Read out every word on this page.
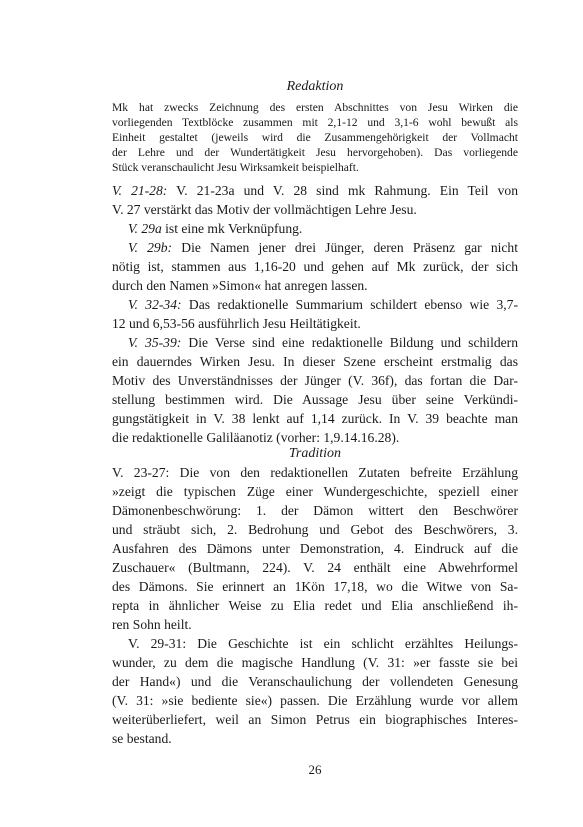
Redaktion
Mk hat zwecks Zeichnung des ersten Abschnittes von Jesu Wirken die
vorliegenden Textblöcke zusammen mit 2,1-12 und 3,1-6 wohl bewußt als
Einheit gestaltet (jeweils wird die Zusammengehörigkeit der Vollmacht
der Lehre und der Wundertätigkeit Jesu hervorgehoben). Das vorliegende
Stück veranschaulicht Jesu Wirksamkeit beispielhaft.
V. 21-28: V. 21-23a und V. 28 sind mk Rahmung. Ein Teil von
V. 27 verstärkt das Motiv der vollmächtigen Lehre Jesu.
V. 29a ist eine mk Verknüpfung.
V. 29b: Die Namen jener drei Jünger, deren Präsenz gar nicht
nötig ist, stammen aus 1,16-20 und gehen auf Mk zurück, der sich
durch den Namen »Simon« hat anregen lassen.
V. 32-34: Das redaktionelle Summarium schildert ebenso wie 3,7-
12 und 6,53-56 ausführlich Jesu Heiltätigkeit.
V. 35-39: Die Verse sind eine redaktionelle Bildung und schildern
ein dauerndes Wirken Jesu. In dieser Szene erscheint erstmalig das
Motiv des Unverständnisses der Jünger (V. 36f), das fortan die Dar-
stellung bestimmen wird. Die Aussage Jesu über seine Verkündi-
gungstätigkeit in V. 38 lenkt auf 1,14 zurück. In V. 39 beachte man
die redaktionelle Galiläanotiz (vorher: 1,9.14.16.28).
Tradition
V. 23-27: Die von den redaktionellen Zutaten befreite Erzählung
»zeigt die typischen Züge einer Wundergeschichte, speziell einer
Dämonenbeschwörung: 1. der Dämon wittert den Beschwörer
und sträubt sich, 2. Bedrohung und Gebot des Beschwörers, 3.
Ausfahren des Dämons unter Demonstration, 4. Eindruck auf die
Zuschauer« (Bultmann, 224). V. 24 enthält eine Abwehrformel
des Dämons. Sie erinnert an 1Kön 17,18, wo die Witwe von Sa-
repta in ähnlicher Weise zu Elia redet und Elia anschließend ih-
ren Sohn heilt.
V. 29-31: Die Geschichte ist ein schlicht erzähltes Heilungs-
wunder, zu dem die magische Handlung (V. 31: »er fasste sie bei
der Hand«) und die Veranschaulichung der vollendeten Genesung
(V. 31: »sie bediente sie«) passen. Die Erzählung wurde vor allem
weiterüberliefert, weil an Simon Petrus ein biographisches Interes-
se bestand.
26
